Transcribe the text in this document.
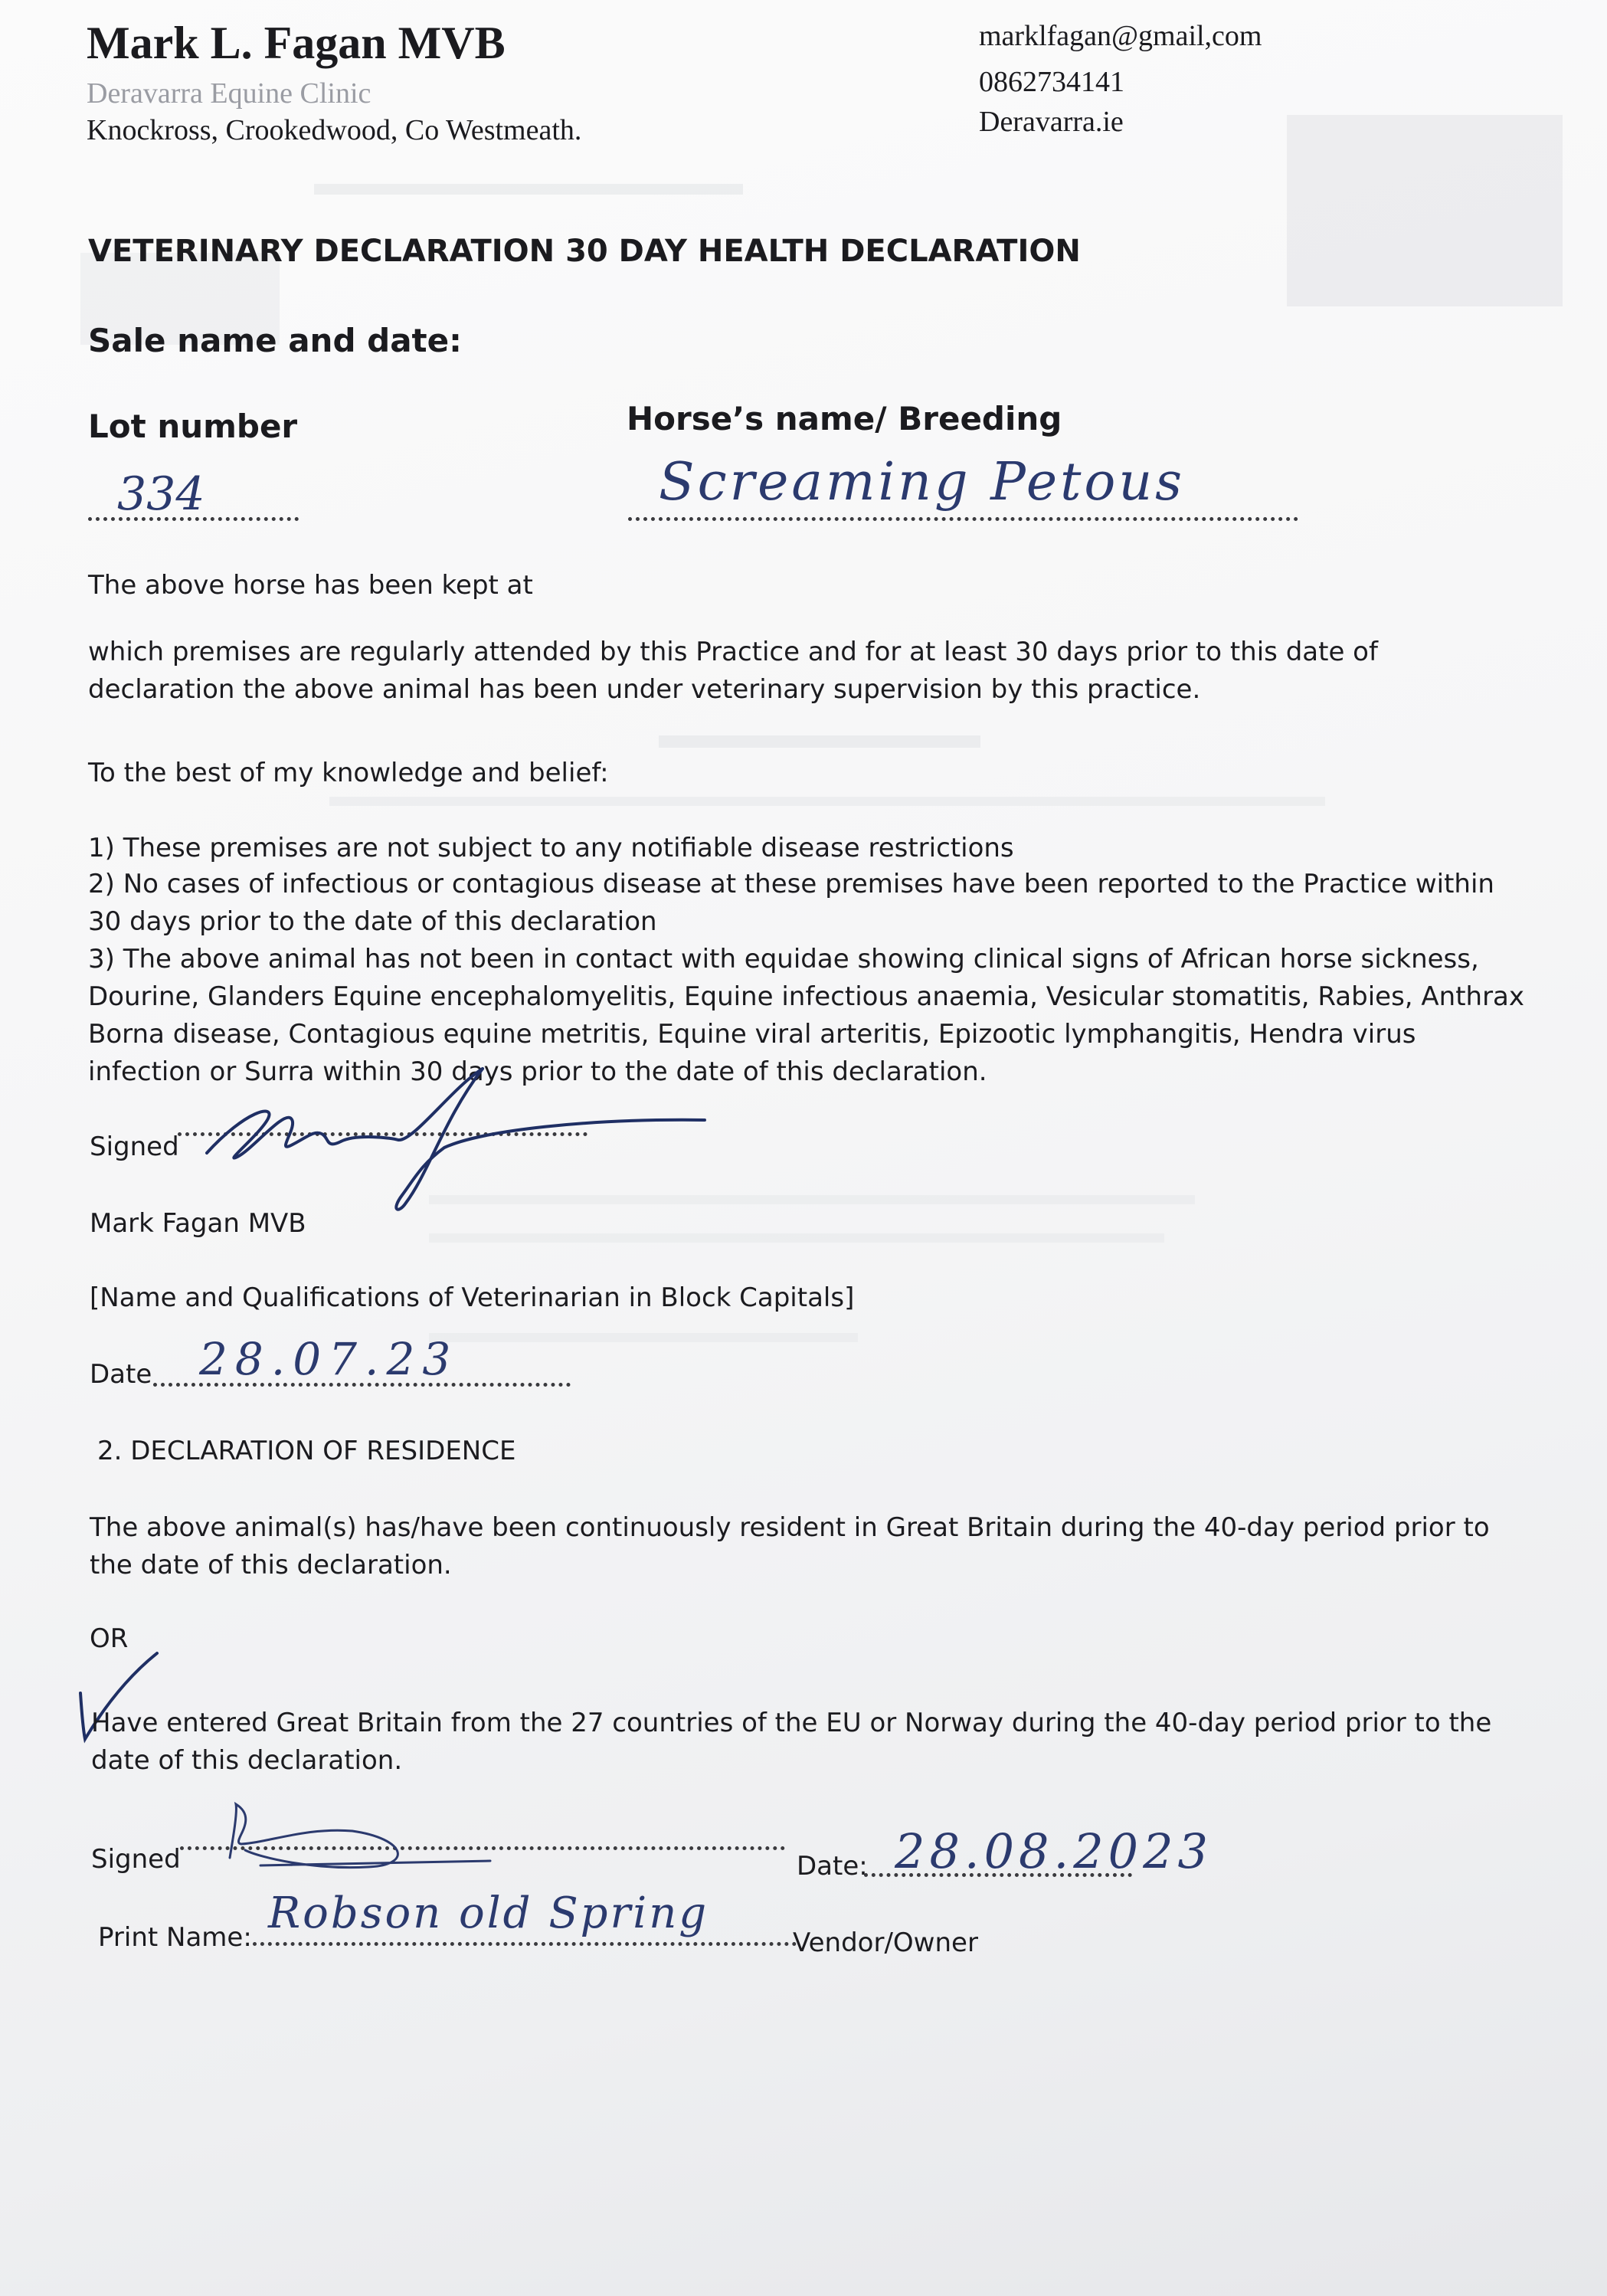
Mark L. Fagan MVB
Deravarra Equine Clinic
Knockross, Crookedwood, Co Westmeath.
marklfagan@gmail,com
0862734141
Deravarra.ie
VETERINARY DECLARATION 30 DAY HEALTH DECLARATION
Sale name and date:
Lot number	Horse’s name/ Breeding
334	Screaming Petous
The above horse has been kept at
which premises are regularly attended by this Practice and for at least 30 days prior to this date of declaration the above animal has been under veterinary supervision by this practice.
To the best of my knowledge and belief:
1) These premises are not subject to any notifiable disease restrictions
2) No cases of infectious or contagious disease at these premises have been reported to the Practice within 30 days prior to the date of this declaration
3) The above animal has not been in contact with equidae showing clinical signs of African horse sickness, Dourine, Glanders Equine encephalomyelitis, Equine infectious anaemia, Vesicular stomatitis, Rabies, Anthrax Borna disease, Contagious equine metritis, Equine viral arteritis, Epizootic lymphangitis, Hendra virus infection or Surra within 30 days prior to the date of this declaration.
Signed
Mark Fagan MVB
[Name and Qualifications of Veterinarian in Block Capitals]
Date 28.07.23
2. DECLARATION OF RESIDENCE
The above animal(s) has/have been continuously resident in Great Britain during the 40-day period prior to the date of this declaration.
OR
Have entered Great Britain from the 27 countries of the EU or Norway during the 40-day period prior to the date of this declaration.
Signed	Date: 28.08.2023
Print Name: Robson old Spring
Vendor/Owner
